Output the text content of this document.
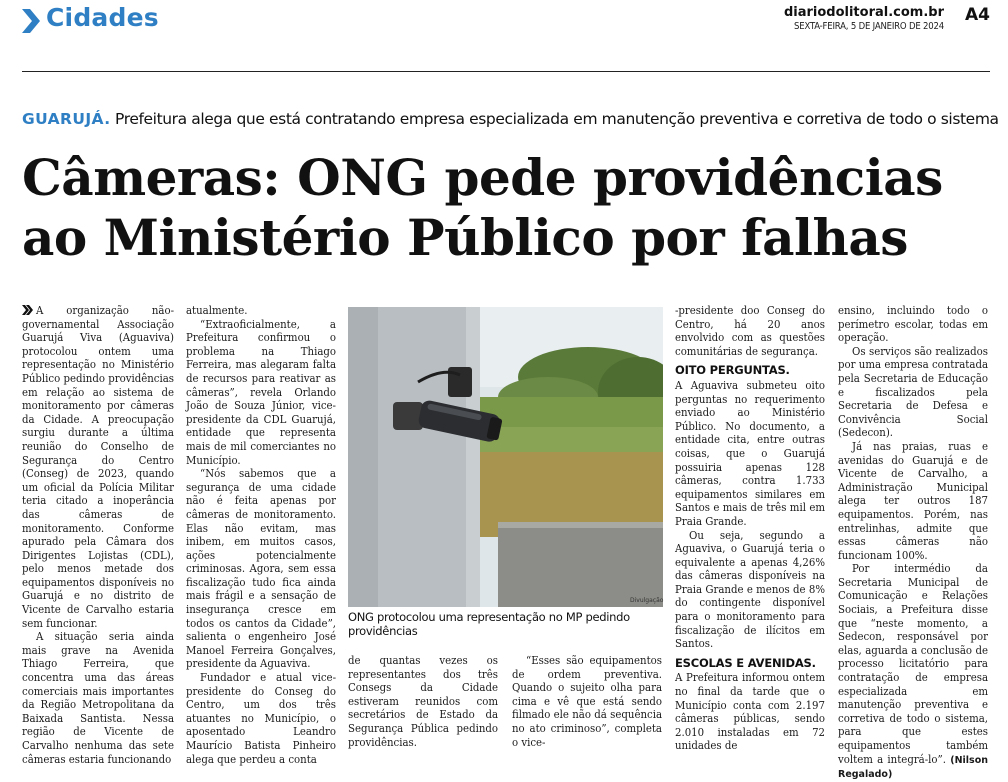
Cidades	diariodolitoral.com.br
SEXTA-FEIRA, 5 DE JANEIRO DE 2024
A4
GUARUJÁ. Prefeitura alega que está contratando empresa especializada em manutenção preventiva e corretiva de todo o sistema
Câmeras: ONG pede providências ao Ministério Público por falhas

A organização não-governamental Associação Guarujá Viva (Aguaviva) protocolou ontem uma representação no Ministério Público pedindo providências em relação ao sistema de monitoramento por câmeras da Cidade. A preocupação surgiu durante a última reunião do Conselho de Segurança do Centro (Conseg) de 2023, quando um oficial da Polícia Militar teria citado a inoperância das câmeras de monitoramento. Conforme apurado pela Câmara dos Dirigentes Lojistas (CDL), pelo menos metade dos equipamentos disponíveis no Guarujá e no distrito de Vicente de Carvalho estaria sem funcionar.

A situação seria ainda mais grave na Avenida Thiago Ferreira, que concentra uma das áreas comerciais mais importantes da Região Metropolitana da Baixada Santista. Nessa região de Vicente de Carvalho nenhuma das sete câmeras estaria funcionando

atualmente.

“Extraoficialmente, a Prefeitura confirmou o problema na Thiago Ferreira, mas alegaram falta de recursos para reativar as câmeras”, revela Orlando João de Souza Júnior, vice-presidente da CDL Guarujá, entidade que representa mais de mil comerciantes no Município.

“Nós sabemos que a segurança de uma cidade não é feita apenas por câmeras de monitoramento. Elas não evitam, mas inibem, em muitos casos, ações potencialmente criminosas. Agora, sem essa fiscalização tudo fica ainda mais frágil e a sensação de insegurança cresce em todos os cantos da Cidade”, salienta o engenheiro José Manoel Ferreira Gonçalves, presidente da Aguaviva.

Fundador e atual vice-presidente do Conseg do Centro, um dos três atuantes no Município, o aposentado Leandro Maurício Batista Pinheiro alega que perdeu a conta

Divulgação
ONG protocolou uma representação no MP pedindo providências

de quantas vezes os representantes dos três Consegs da Cidade estiveram reunidos com secretários de Estado da Segurança Pública pedindo providências.

“Esses são equipamentos de ordem preventiva. Quando o sujeito olha para cima e vê que está sendo filmado ele não dá sequência no ato criminoso”, completa o vice-

-presidente doo Conseg do Centro, há 20 anos envolvido com as questões comunitárias de segurança.

OITO PERGUNTAS.

A Aguaviva submeteu oito perguntas no requerimento enviado ao Ministério Público. No documento, a entidade cita, entre outras coisas, que o Guarujá possuiria apenas 128 câmeras, contra 1.733 equipamentos similares em Santos e mais de três mil em Praia Grande.

Ou seja, segundo a Aguaviva, o Guarujá teria o equivalente a apenas 4,26% das câmeras disponíveis na Praia Grande e menos de 8% do contingente disponível para o monitoramento para fiscalização de ilícitos em Santos.

ESCOLAS E AVENIDAS.

A Prefeitura informou ontem no final da tarde que o Município conta com 2.197 câmeras públicas, sendo 2.010 instaladas em 72 unidades de

ensino, incluindo todo o perímetro escolar, todas em operação.

Os serviços são realizados por uma empresa contratada pela Secretaria de Educação e fiscalizados pela Secretaria de Defesa e Convivência Social (Sedecon).

Já nas praias, ruas e avenidas do Guarujá e de Vicente de Carvalho, a Administração Municipal alega ter outros 187 equipamentos. Porém, nas entrelinhas, admite que essas câmeras não funcionam 100%.

Por intermédio da Secretaria Municipal de Comunicação e Relações Sociais, a Prefeitura disse que “neste momento, a Sedecon, responsável por elas, aguarda a conclusão de processo licitatório para contratação de empresa especializada em manutenção preventiva e corretiva de todo o sistema, para que estes equipamentos também voltem a integrá-lo”. (Nilson Regalado)
